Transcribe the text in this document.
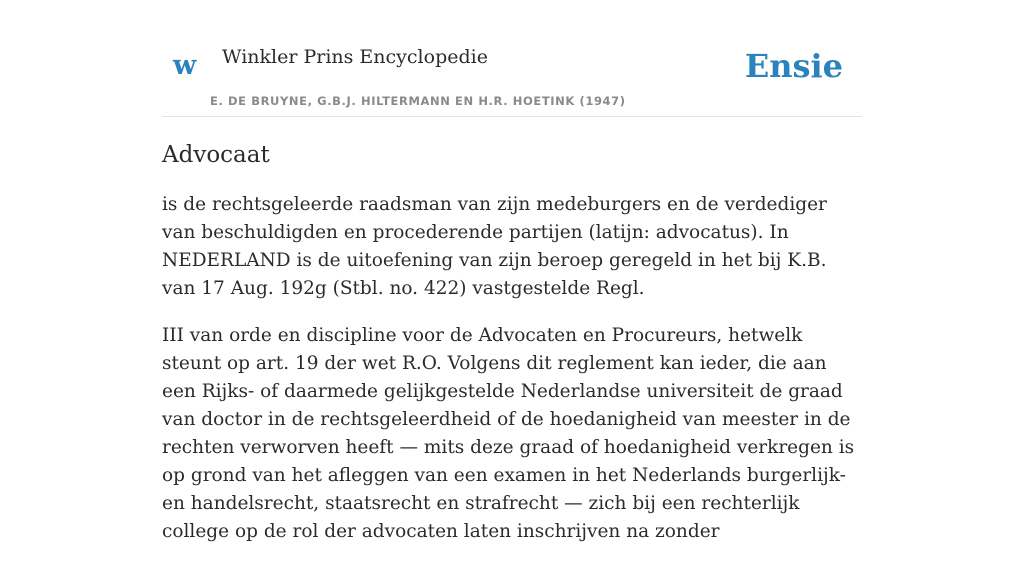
w Winkler Prins Encyclopedie
E. DE BRUYNE, G.B.J. HILTERMANN EN H.R. HOETINK (1947)
Ensie
Advocaat

is de rechtsgeleerde raadsman van zijn medeburgers en de verdediger van beschuldigden en procederende partijen (latijn: advocatus). In NEDERLAND is de uitoefening van zijn beroep geregeld in het bij K.B. van 17 Aug. 192g (Stbl. no. 422) vastgestelde Regl.

III van orde en discipline voor de Advocaten en Procureurs, hetwelk steunt op art. 19 der wet R.O. Volgens dit reglement kan ieder, die aan een Rijks- of daarmede gelijkgestelde Nederlandse universiteit de graad van doctor in de rechtsgeleerdheid of de hoedanigheid van meester in de rechten verworven heeft — mits deze graad of hoedanigheid verkregen is op grond van het afleggen van een examen in het Nederlands burgerlijk- en handelsrecht, staatsrecht en strafrecht — zich bij een rechterlijk college op de rol der advocaten laten inschrijven na zonder
